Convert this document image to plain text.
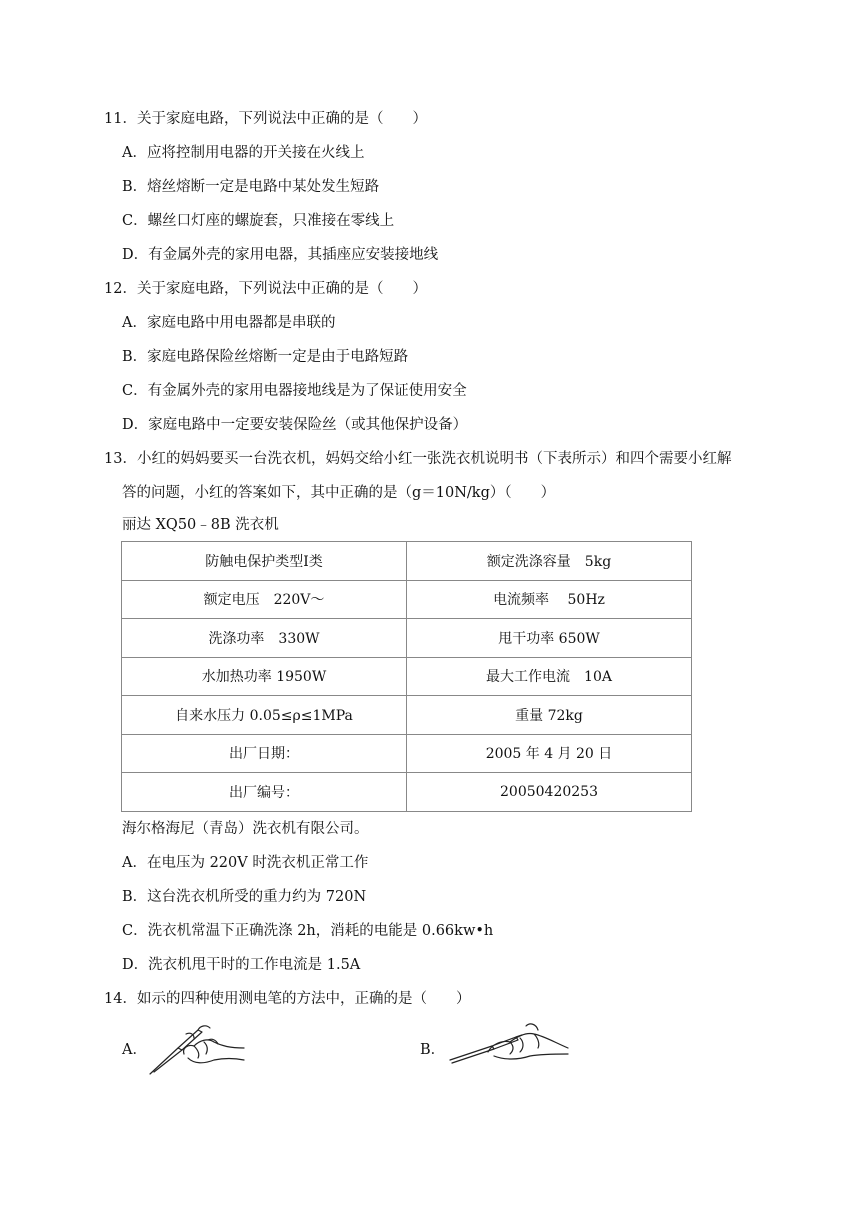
11．关于家庭电路，下列说法中正确的是（　　）
A．应将控制用电器的开关接在火线上
B．熔丝熔断一定是电路中某处发生短路
C．螺丝口灯座的螺旋套，只准接在零线上
D．有金属外壳的家用电器，其插座应安装接地线
12．关于家庭电路，下列说法中正确的是（　　）
A．家庭电路中用电器都是串联的
B．家庭电路保险丝熔断一定是由于电路短路
C．有金属外壳的家用电器接地线是为了保证使用安全
D．家庭电路中一定要安装保险丝（或其他保护设备）
13．小红的妈妈要买一台洗衣机，妈妈交给小红一张洗衣机说明书（下表所示）和四个需要小红解
答的问题，小红的答案如下，其中正确的是（g＝10N/kg）（　　）
丽达 XQ50﹣8B 洗衣机
防触电保护类型Ⅰ类	额定洗涤容量　5kg
额定电压　220V～	电流频率　 50Hz
洗涤功率　330W	甩干功率 650W
水加热功率 1950W	最大工作电流　10A
自来水压力 0.05≤ρ≤1MPa	重量 72kg
出厂日期：	2005 年 4 月 20 日
出厂编号：	20050420253
海尔格海尼（青岛）洗衣机有限公司。
A．在电压为 220V 时洗衣机正常工作
B．这台洗衣机所受的重力约为 720N
C．洗衣机常温下正确洗涤 2h，消耗的电能是 0.66kw•h
D．洗衣机甩干时的工作电流是 1.5A
14．如示的四种使用测电笔的方法中，正确的是（　　）
A．	B．
